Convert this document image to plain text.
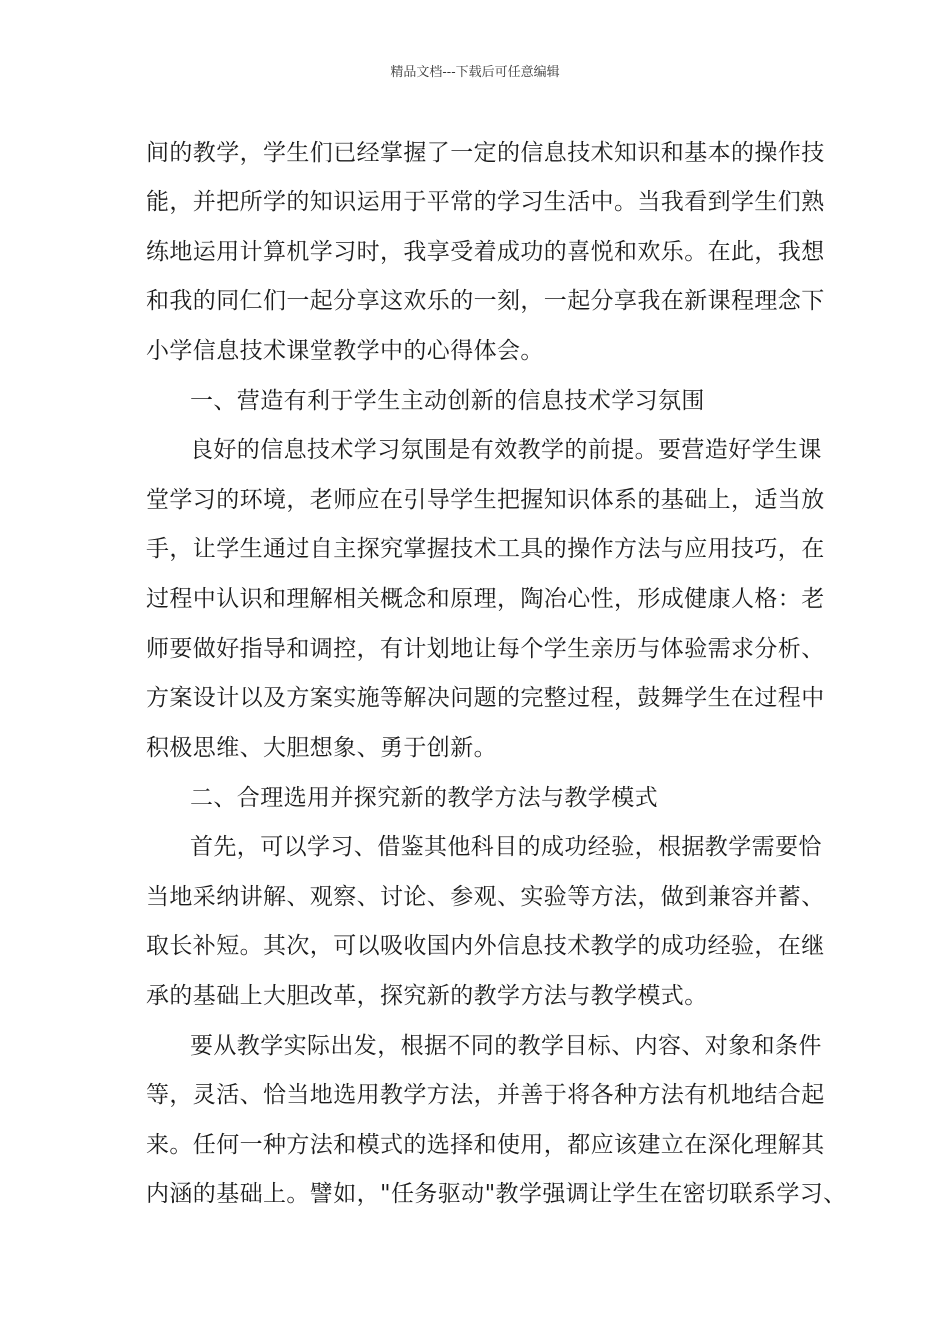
精品文档---下载后可任意编辑
间的教学，学生们已经掌握了一定的信息技术知识和基本的操作技
能，并把所学的知识运用于平常的学习生活中。当我看到学生们熟
练地运用计算机学习时，我享受着成功的喜悦和欢乐。在此，我想
和我的同仁们一起分享这欢乐的一刻，一起分享我在新课程理念下
小学信息技术课堂教学中的心得体会。
一、营造有利于学生主动创新的信息技术学习氛围
良好的信息技术学习氛围是有效教学的前提。要营造好学生课
堂学习的环境，老师应在引导学生把握知识体系的基础上，适当放
手，让学生通过自主探究掌握技术工具的操作方法与应用技巧，在
过程中认识和理解相关概念和原理，陶冶心性，形成健康人格：老
师要做好指导和调控，有计划地让每个学生亲历与体验需求分析、
方案设计以及方案实施等解决问题的完整过程，鼓舞学生在过程中
积极思维、大胆想象、勇于创新。
二、合理选用并探究新的教学方法与教学模式
首先，可以学习、借鉴其他科目的成功经验，根据教学需要恰
当地采纳讲解、观察、讨论、参观、实验等方法，做到兼容并蓄、
取长补短。其次，可以吸收国内外信息技术教学的成功经验，在继
承的基础上大胆改革，探究新的教学方法与教学模式。
要从教学实际出发，根据不同的教学目标、内容、对象和条件
等，灵活、恰当地选用教学方法，并善于将各种方法有机地结合起
来。任何一种方法和模式的选择和使用，都应该建立在深化理解其
内涵的基础上。譬如，"任务驱动"教学强调让学生在密切联系学习、
